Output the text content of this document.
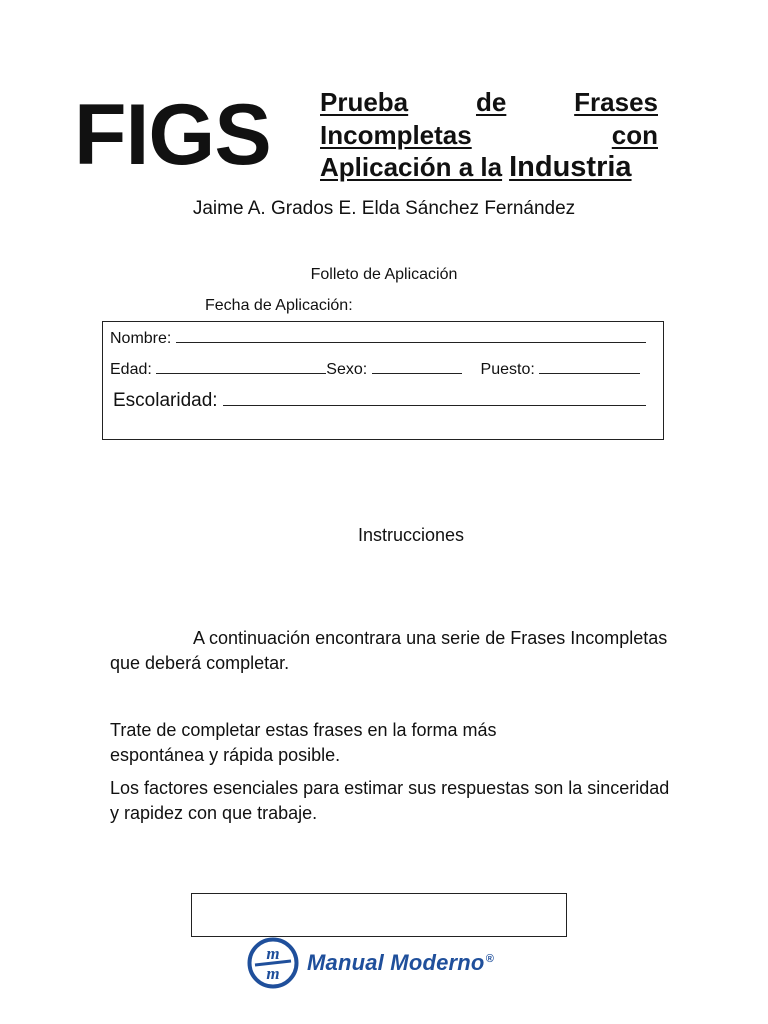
FIGS Prueba	de	Frases
Incompletas	con
Aplicación a la Industria
Jaime A. Grados E. Elda Sánchez Fernández
Folleto de Aplicación
Fecha de Aplicación:
Nombre:
Edad:	Sexo:	Puesto:
Escolaridad:
Instrucciones
A continuación encontrara una serie de Frases Incompletas que deberá completar.
Trate de completar estas frases en la forma más espontánea y rápida posible.
Los factores esenciales para estimar sus respuestas son la sinceridad y rapidez con que trabaje.
m
m Manual Moderno®
